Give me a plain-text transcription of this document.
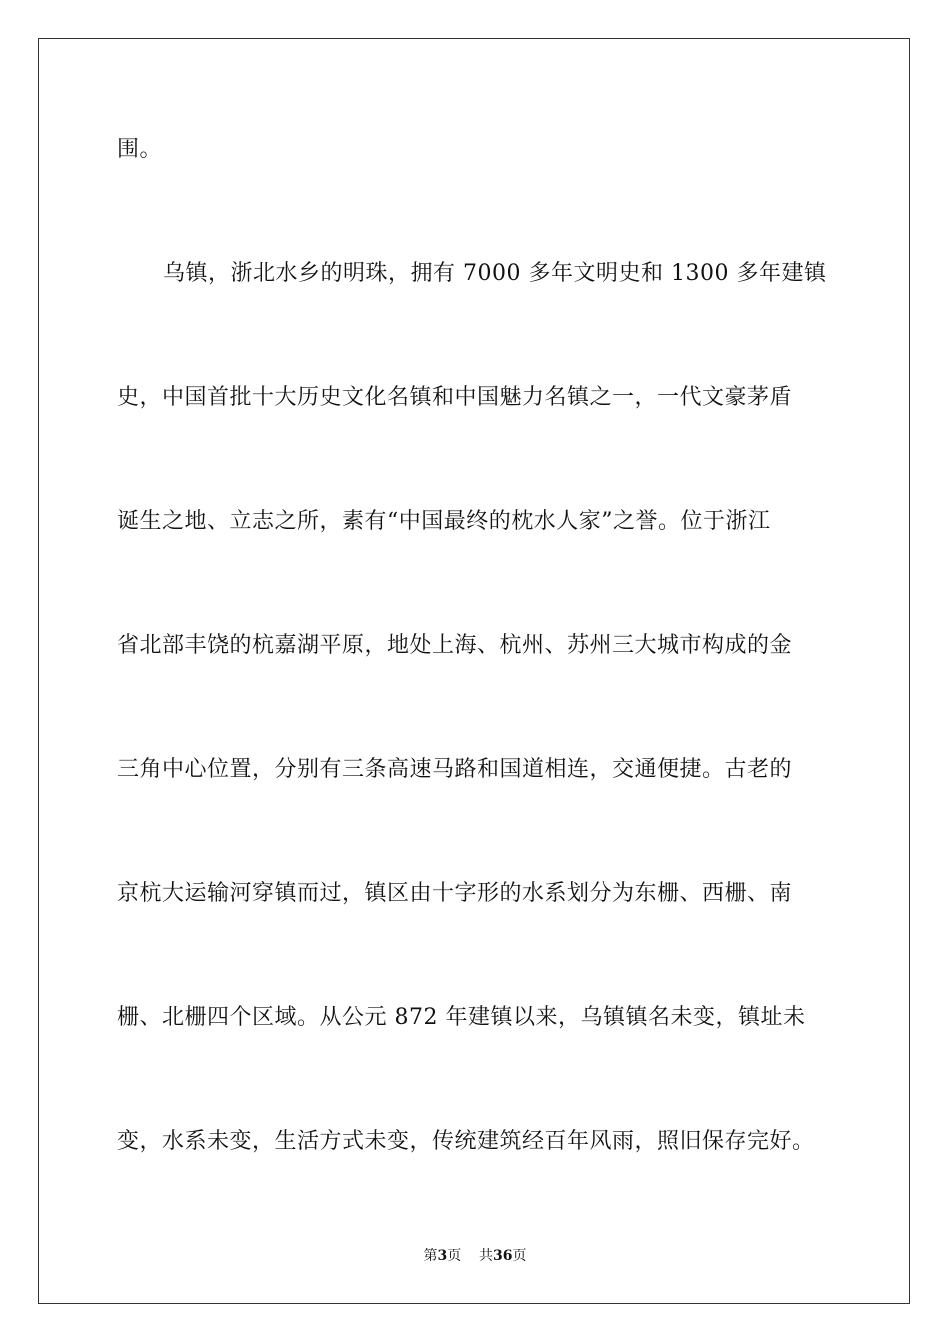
围。
乌镇，浙北水乡的明珠，拥有 7000 多年文明史和 1300 多年建镇
史，中国首批十大历史文化名镇和中国魅力名镇之一，一代文豪茅盾
诞生之地、立志之所，素有“中国最终的枕水人家”之誉。位于浙江
省北部丰饶的杭嘉湖平原，地处上海、杭州、苏州三大城市构成的金
三角中心位置，分别有三条高速马路和国道相连，交通便捷。古老的
京杭大运输河穿镇而过，镇区由十字形的水系划分为东栅、西栅、南
栅、北栅四个区域。从公元 872 年建镇以来，乌镇镇名未变，镇址未
变，水系未变，生活方式未变，传统建筑经百年风雨，照旧保存完好。
第3页 共36页
